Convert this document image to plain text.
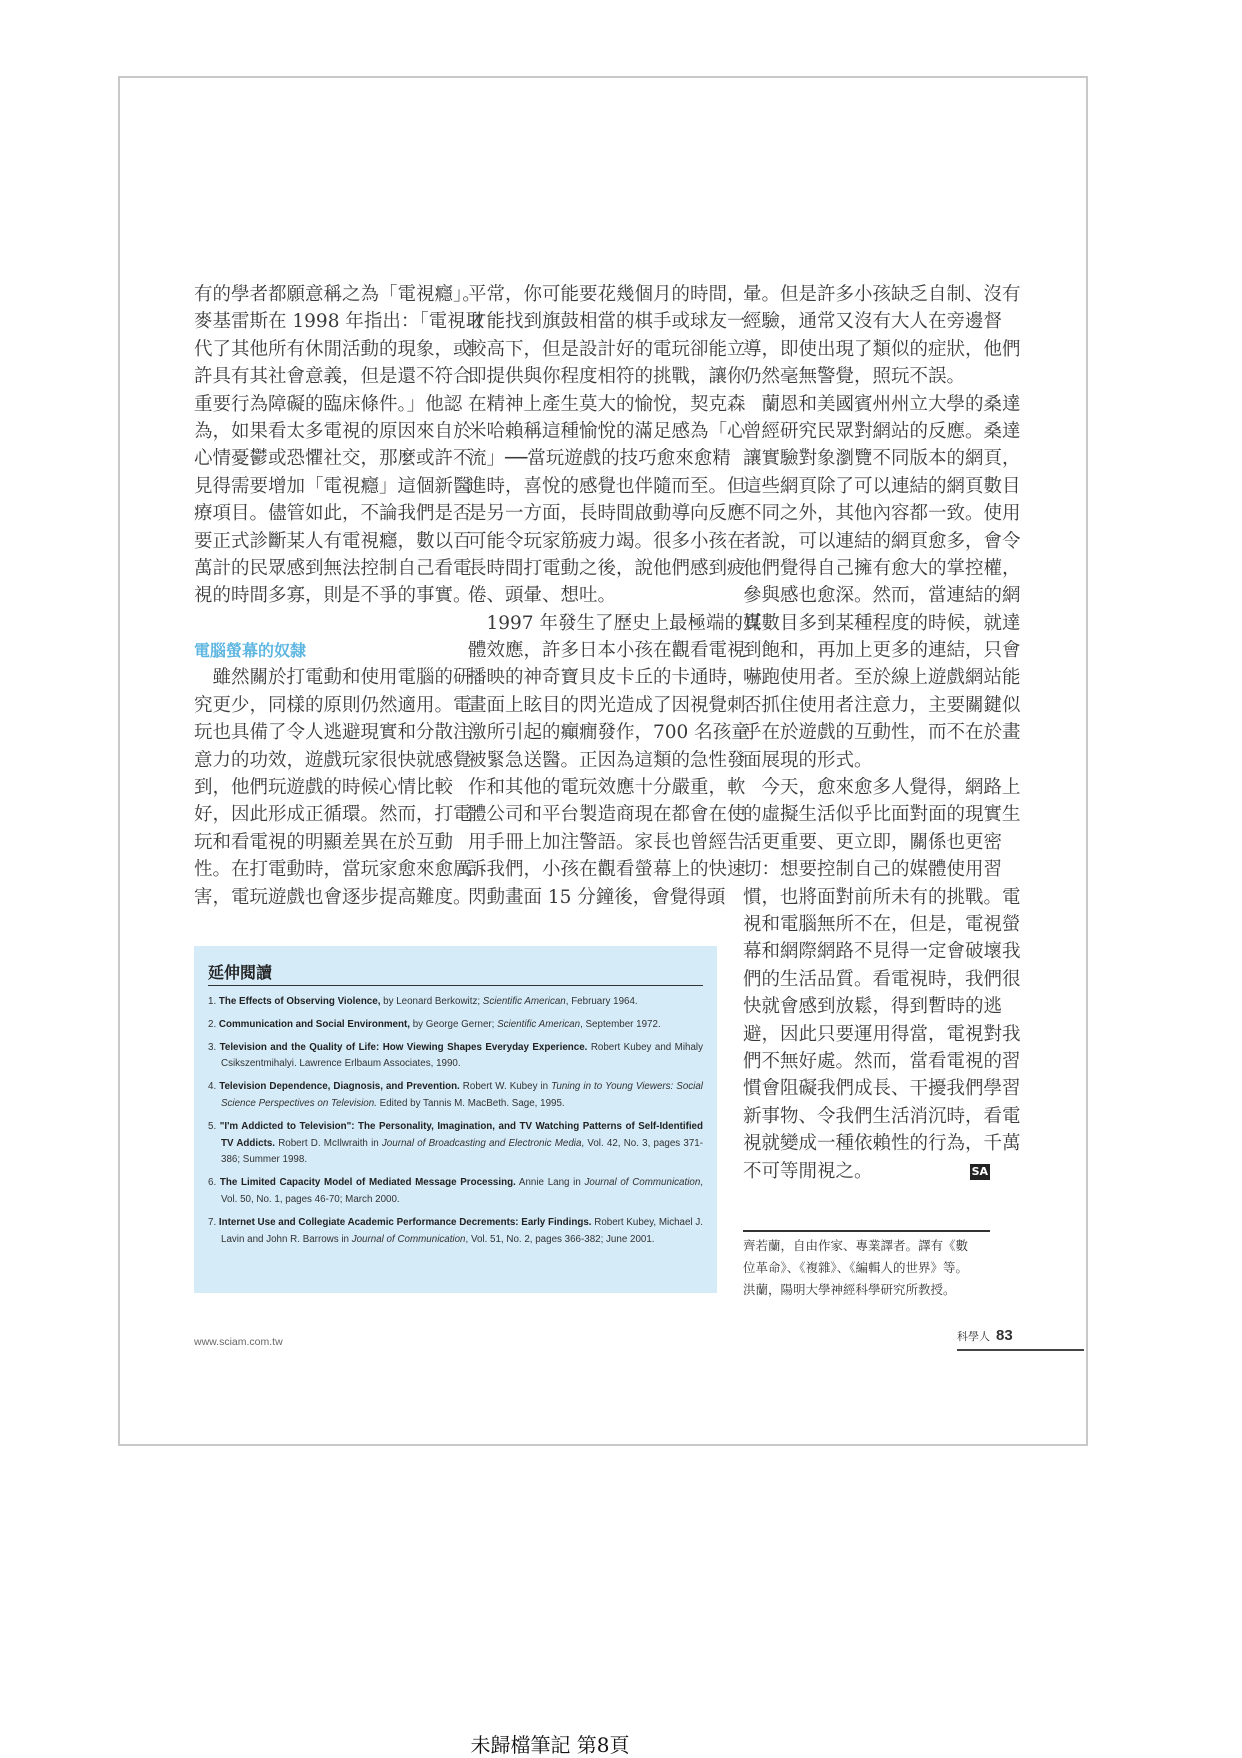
有的學者都願意稱之為「電視癮」。
麥基雷斯在 1998 年指出：「電視取
代了其他所有休閒活動的現象，或
許具有其社會意義，但是還不符合
重要行為障礙的臨床條件。」他認
為，如果看太多電視的原因來自於
心情憂鬱或恐懼社交，那麼或許不
見得需要增加「電視癮」這個新醫
療項目。儘管如此，不論我們是否
要正式診斷某人有電視癮，數以百
萬計的民眾感到無法控制自己看電
視的時間多寡，則是不爭的事實。
電腦螢幕的奴隸
　雖然關於打電動和使用電腦的研
究更少，同樣的原則仍然適用。電
玩也具備了令人逃避現實和分散注
意力的功效，遊戲玩家很快就感覺
到，他們玩遊戲的時候心情比較
好，因此形成正循環。然而，打電
玩和看電視的明顯差異在於互動
性。在打電動時，當玩家愈來愈厲
害，電玩遊戲也會逐步提高難度。
平常，你可能要花幾個月的時間，
才能找到旗鼓相當的棋手或球友一
較高下，但是設計好的電玩卻能立
即提供與你程度相符的挑戰，讓你
在精神上產生莫大的愉悅，契克森
米哈賴稱這種愉悅的滿足感為「心
流」──當玩遊戲的技巧愈來愈精
進時，喜悅的感覺也伴隨而至。但
是另一方面，長時間啟動導向反應
可能令玩家筋疲力竭。很多小孩在
長時間打電動之後，說他們感到疲
倦、頭暈、想吐。
　1997 年發生了歷史上最極端的媒
體效應，許多日本小孩在觀看電視
播映的神奇寶貝皮卡丘的卡通時，
畫面上眩目的閃光造成了因視覺刺
激所引起的癲癇發作，700 名孩童
被緊急送醫。正因為這類的急性發
作和其他的電玩效應十分嚴重，軟
體公司和平台製造商現在都會在使
用手冊上加注警語。家長也曾經告
訴我們，小孩在觀看螢幕上的快速
閃動畫面 15 分鐘後，會覺得頭
暈。但是許多小孩缺乏自制、沒有
經驗，通常又沒有大人在旁邊督
導，即使出現了類似的症狀，他們
仍然毫無警覺，照玩不誤。
　蘭恩和美國賓州州立大學的桑達
曾經研究民眾對網站的反應。桑達
讓實驗對象瀏覽不同版本的網頁，
這些網頁除了可以連結的網頁數目
不同之外，其他內容都一致。使用
者說，可以連結的網頁愈多，會令
他們覺得自己擁有愈大的掌控權，
參與感也愈深。然而，當連結的網
頁數目多到某種程度的時候，就達
到飽和，再加上更多的連結，只會
嚇跑使用者。至於線上遊戲網站能
否抓住使用者注意力，主要關鍵似
乎在於遊戲的互動性，而不在於畫
面展現的形式。
　今天，愈來愈多人覺得，網路上
的虛擬生活似乎比面對面的現實生
活更重要、更立即，關係也更密
切：想要控制自己的媒體使用習
慣，也將面對前所未有的挑戰。電
視和電腦無所不在，但是，電視螢
幕和網際網路不見得一定會破壞我
們的生活品質。看電視時，我們很
快就會感到放鬆，得到暫時的逃
避，因此只要運用得當，電視對我
們不無好處。然而，當看電視的習
慣會阻礙我們成長、干擾我們學習
新事物、令我們生活消沉時，看電
視就變成一種依賴性的行為，千萬
不可等閒視之。	SA
延伸閱讀
1. The Effects of Observing Violence, by Leonard Berkowitz; Scientific American, February 1964.
2. Communication and Social Environment, by George Gerner; Scientific American, September 1972.
3. Television and the Quality of Life: How Viewing Shapes Everyday Experience. Robert Kubey and Mihaly Csikszentmihalyi. Lawrence Erlbaum Associates, 1990.
4. Television Dependence, Diagnosis, and Prevention. Robert W. Kubey in Tuning in to Young Viewers: Social Science Perspectives on Television. Edited by Tannis M. MacBeth. Sage, 1995.
5. "I'm Addicted to Television": The Personality, Imagination, and TV Watching Patterns of Self-Identified TV Addicts. Robert D. McIlwraith in Journal of Broadcasting and Electronic Media, Vol. 42, No. 3, pages 371-386; Summer 1998.
6. The Limited Capacity Model of Mediated Message Processing. Annie Lang in Journal of Communication, Vol. 50, No. 1, pages 46-70; March 2000.
7. Internet Use and Collegiate Academic Performance Decrements: Early Findings. Robert Kubey, Michael J. Lavin and John R. Barrows in Journal of Communication, Vol. 51, No. 2, pages 366-382; June 2001.	齊若蘭，自由作家、專業譯者。譯有《數
位革命》、《複雜》、《編輯人的世界》等。
洪蘭，陽明大學神經科學研究所教授。
www.sciam.com.tw	科學人 83
未歸檔筆記 第8頁
